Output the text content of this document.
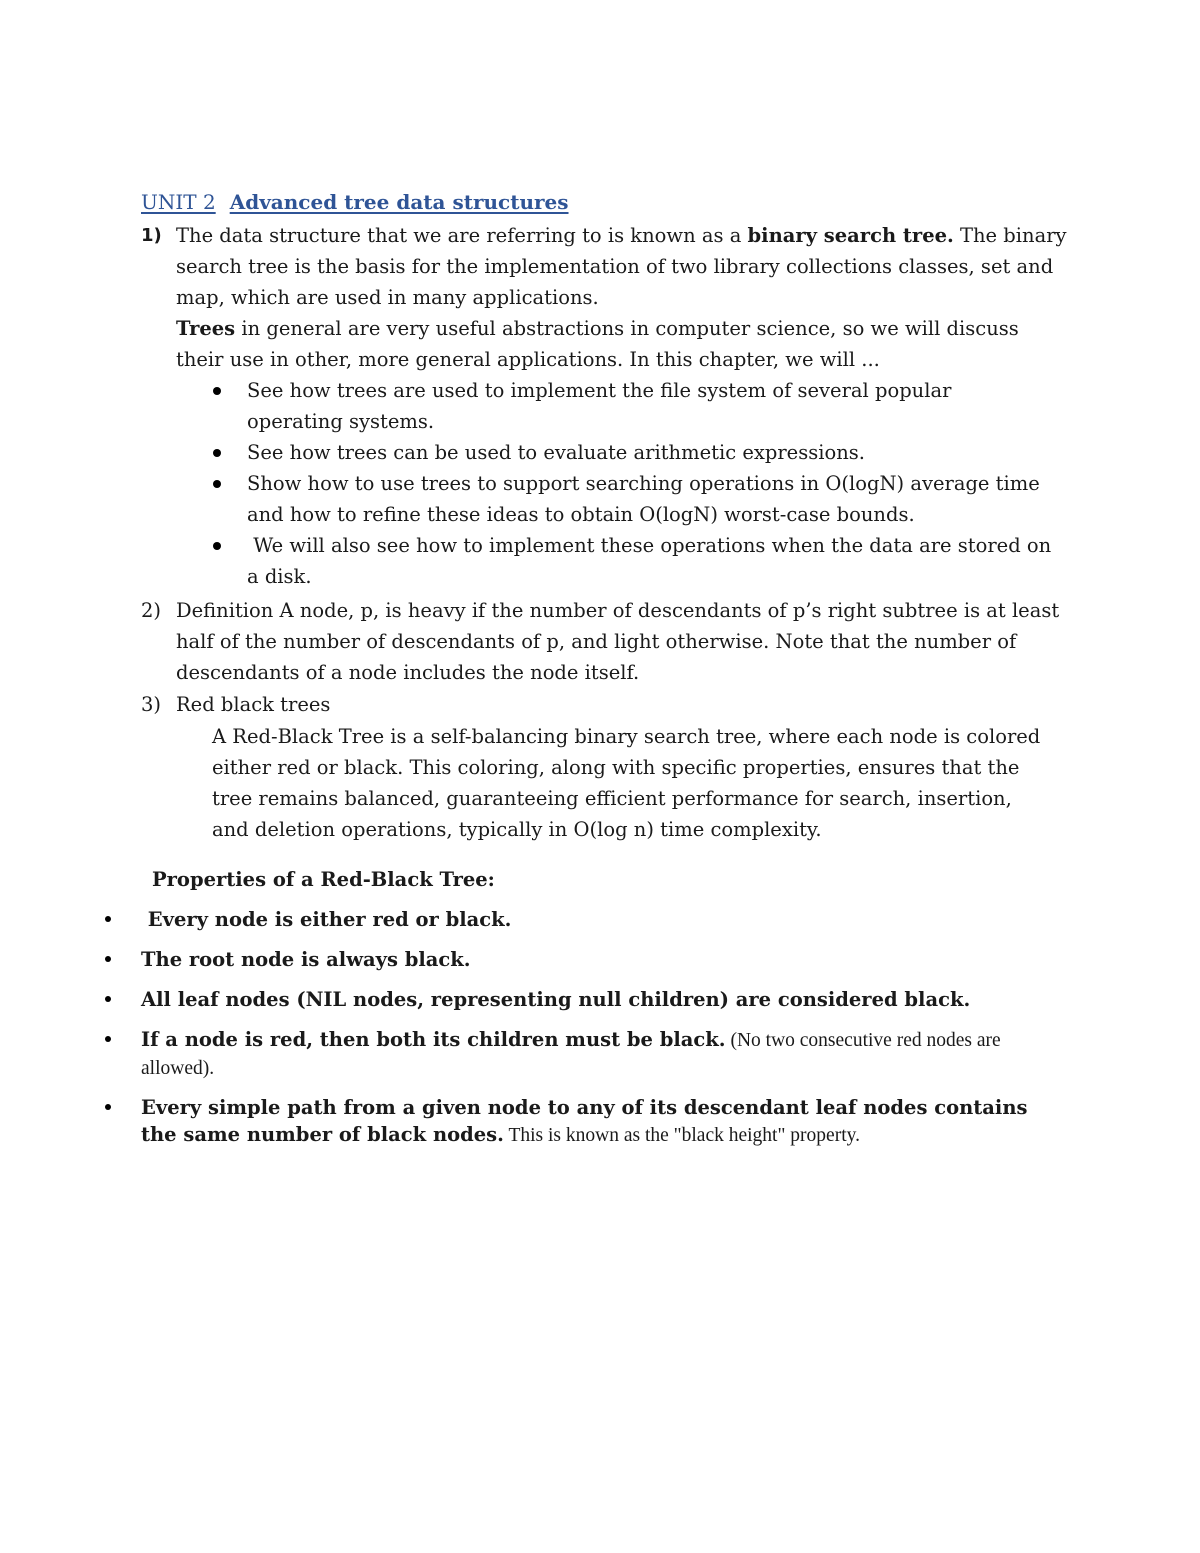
UNIT 2 Advanced tree data structures
1) The data structure that we are referring to is known as a binary search tree. The binary search tree is the basis for the implementation of two library collections classes, set and map, which are used in many applications.
Trees in general are very useful abstractions in computer science, so we will discuss their use in other, more general applications. In this chapter, we will ...
See how trees are used to implement the file system of several popular operating systems.
See how trees can be used to evaluate arithmetic expressions.
Show how to use trees to support searching operations in O(logN) average time and how to refine these ideas to obtain O(logN) worst-case bounds.
We will also see how to implement these operations when the data are stored on a disk.
2) Definition A node, p, is heavy if the number of descendants of p’s right subtree is at least half of the number of descendants of p, and light otherwise. Note that the number of descendants of a node includes the node itself.
3) Red black trees
A Red-Black Tree is a self-balancing binary search tree, where each node is colored either red or black. This coloring, along with specific properties, ensures that the tree remains balanced, guaranteeing efficient performance for search, insertion, and deletion operations, typically in O(log n) time complexity.
Properties of a Red-Black Tree:
Every node is either red or black.
The root node is always black.
All leaf nodes (NIL nodes, representing null children) are considered black.
If a node is red, then both its children must be black. (No two consecutive red nodes are allowed).
Every simple path from a given node to any of its descendant leaf nodes contains the same number of black nodes. This is known as the "black height" property.
